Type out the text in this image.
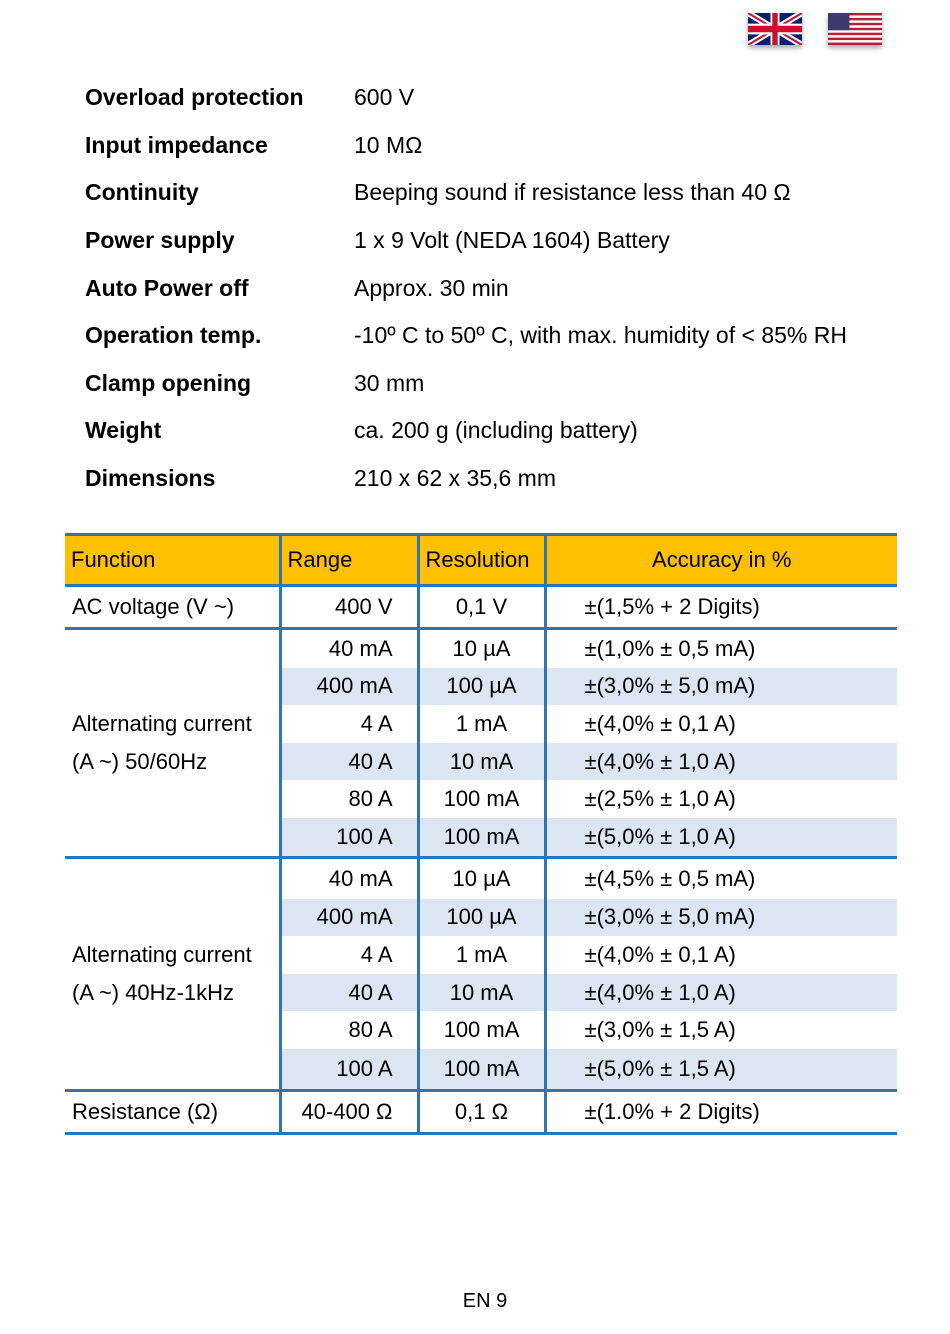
Overload protection	600 V
Input impedance	10 MΩ
Continuity	Beeping sound if resistance less than 40 Ω
Power supply	1 x 9 Volt (NEDA 1604) Battery
Auto Power off	Approx. 30 min
Operation temp.	-10º C to 50º C, with max. humidity of < 85% RH
Clamp opening	30 mm
Weight	ca. 200 g (including battery)
Dimensions	210 x 62 x 35,6 mm
Function	Range	Resolution	Accuracy in %
AC voltage (V ~)	400 V	0,1 V	±(1,5% + 2 Digits)

Alternating current
(A ~) 50/60Hz	40 mA	10 µA	±(1,0% ± 0,5 mA)
	400 mA	100 µA	±(3,0% ± 5,0 mA)
	4 A	1 mA	±(4,0% ± 0,1 A)
	40 A	10 mA	±(4,0% ± 1,0 A)
	80 A	100 mA	±(2,5% ± 1,0 A)
	100 A	100 mA	±(5,0% ± 1,0 A)

Alternating current
(A ~) 40Hz-1kHz	40 mA	10 µA	±(4,5% ± 0,5 mA)
	400 mA	100 µA	±(3,0% ± 5,0 mA)
	4 A	1 mA	±(4,0% ± 0,1 A)
	40 A	10 mA	±(4,0% ± 1,0 A)
	80 A	100 mA	±(3,0% ± 1,5 A)
	100 A	100 mA	±(5,0% ± 1,5 A)
Resistance (Ω)	40-400 Ω	0,1 Ω	±(1.0% + 2 Digits)
EN 9
